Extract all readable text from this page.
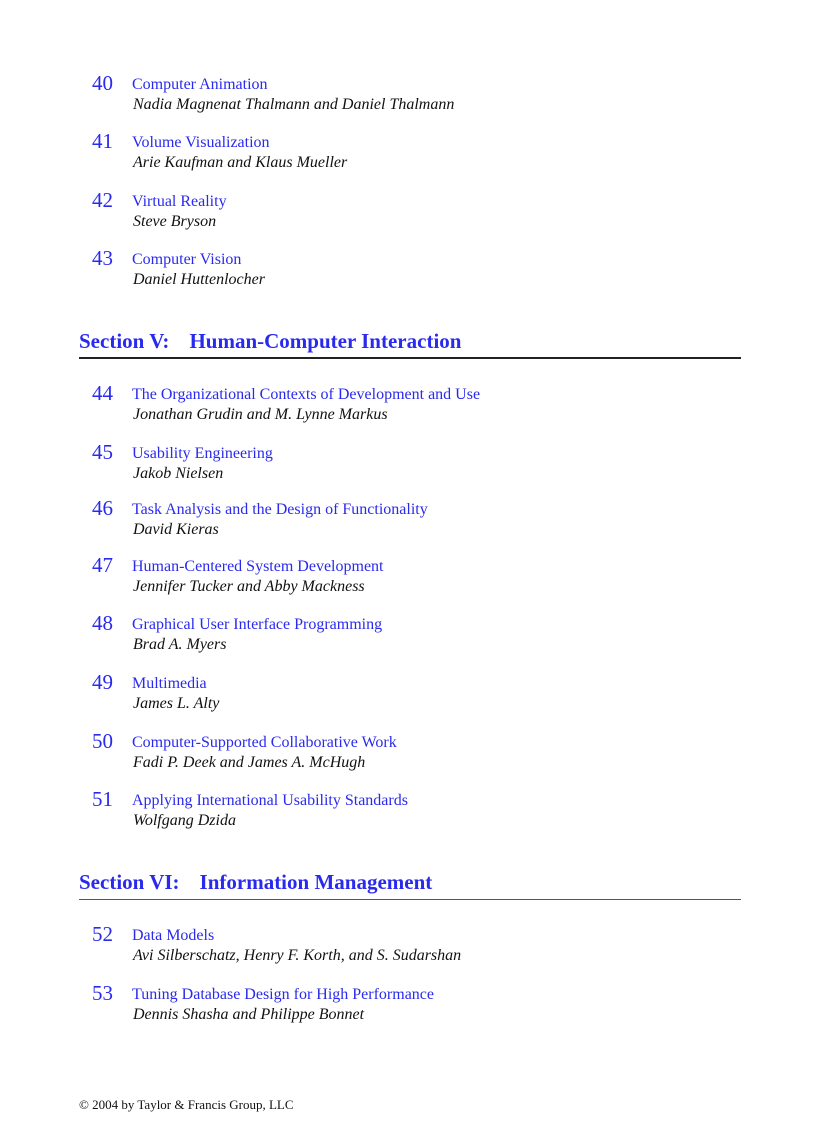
40 Computer Animation
Nadia Magnenat Thalmann and Daniel Thalmann
41 Volume Visualization
Arie Kaufman and Klaus Mueller
42 Virtual Reality
Steve Bryson
43 Computer Vision
Daniel Huttenlocher
Section V: Human-Computer Interaction
44 The Organizational Contexts of Development and Use
Jonathan Grudin and M. Lynne Markus
45 Usability Engineering
Jakob Nielsen
46 Task Analysis and the Design of Functionality
David Kieras
47 Human-Centered System Development
Jennifer Tucker and Abby Mackness
48 Graphical User Interface Programming
Brad A. Myers
49 Multimedia
James L. Alty
50 Computer-Supported Collaborative Work
Fadi P. Deek and James A. McHugh
51 Applying International Usability Standards
Wolfgang Dzida
Section VI: Information Management
52 Data Models
Avi Silberschatz, Henry F. Korth, and S. Sudarshan
53 Tuning Database Design for High Performance
Dennis Shasha and Philippe Bonnet
© 2004 by Taylor & Francis Group, LLC
